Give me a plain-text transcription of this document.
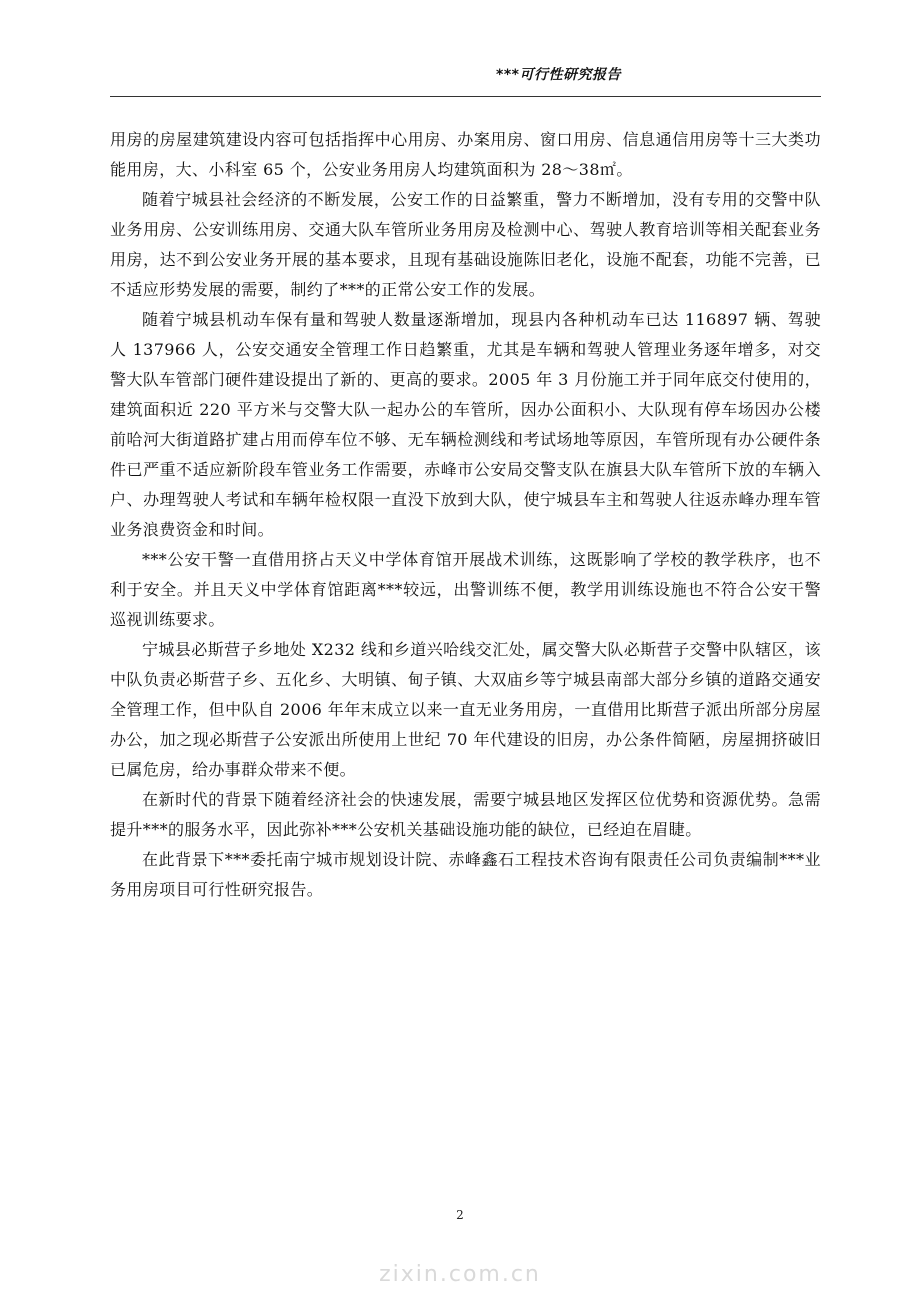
***可行性研究报告

用房的房屋建筑建设内容可包括指挥中心用房、办案用房、窗口用房、信息通信用房等十三大类功能用房，大、小科室 65 个，公安业务用房人均建筑面积为 28～38㎡。

随着宁城县社会经济的不断发展，公安工作的日益繁重，警力不断增加，没有专用的交警中队业务用房、公安训练用房、交通大队车管所业务用房及检测中心、驾驶人教育培训等相关配套业务用房，达不到公安业务开展的基本要求，且现有基础设施陈旧老化，设施不配套，功能不完善，已不适应形势发展的需要，制约了***的正常公安工作的发展。

随着宁城县机动车保有量和驾驶人数量逐渐增加，现县内各种机动车已达 116897 辆、驾驶人 137966 人，公安交通安全管理工作日趋繁重，尤其是车辆和驾驶人管理业务逐年增多，对交警大队车管部门硬件建设提出了新的、更高的要求。2005 年 3 月份施工并于同年底交付使用的，建筑面积近 220 平方米与交警大队一起办公的车管所，因办公面积小、大队现有停车场因办公楼前哈河大街道路扩建占用而停车位不够、无车辆检测线和考试场地等原因，车管所现有办公硬件条件已严重不适应新阶段车管业务工作需要，赤峰市公安局交警支队在旗县大队车管所下放的车辆入户、办理驾驶人考试和车辆年检权限一直没下放到大队，使宁城县车主和驾驶人往返赤峰办理车管业务浪费资金和时间。

***公安干警一直借用挤占天义中学体育馆开展战术训练，这既影响了学校的教学秩序，也不利于安全。并且天义中学体育馆距离***较远，出警训练不便，教学用训练设施也不符合公安干警巡视训练要求。

宁城县必斯营子乡地处 X232 线和乡道兴哈线交汇处，属交警大队必斯营子交警中队辖区，该中队负责必斯营子乡、五化乡、大明镇、甸子镇、大双庙乡等宁城县南部大部分乡镇的道路交通安全管理工作，但中队自 2006 年年末成立以来一直无业务用房，一直借用比斯营子派出所部分房屋办公，加之现必斯营子公安派出所使用上世纪 70 年代建设的旧房，办公条件简陋，房屋拥挤破旧已属危房，给办事群众带来不便。

在新时代的背景下随着经济社会的快速发展，需要宁城县地区发挥区位优势和资源优势。急需提升***的服务水平，因此弥补***公安机关基础设施功能的缺位，已经迫在眉睫。

在此背景下***委托南宁城市规划设计院、赤峰鑫石工程技术咨询有限责任公司负责编制***业务用房项目可行性研究报告。

2
zixin.com.cn
